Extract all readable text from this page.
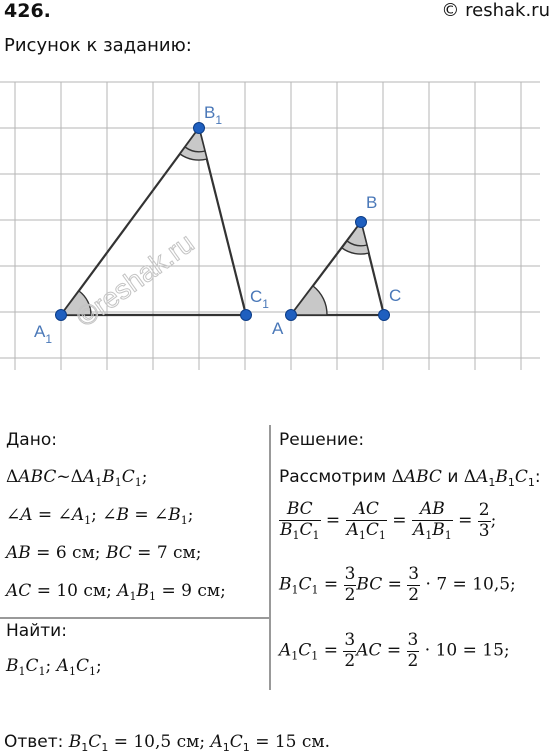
426.	© reshak.ru
Рисунок к заданию:
$A_1$
$B_1$
$C_1$
A
B
C
©reshak.ru
Дано:
$\Delta ABC\sim\Delta A_1B_1C_1$;
∠A = $\angle A_1$; ∠B = $\angle B_1$;
AB = 6 см; BC = 7 см;
AC = 10 см; $A_1B_1 = 9$ см;
Найти:
$B_1C_1$; $A_1C_1$;
Решение:
Рассмотрим ΔABC и $\Delta A_1B_1C_1$:
$\frac{BC}{B_1C_1} = \frac{AC}{A_1C_1} = \frac{AB}{A_1B_1} = \frac{2}{3}$ ;
$B_1C_1 = \frac{3}{2}$ BC = $\frac{3}{2} \cdot 7 = 10,5$;
$A_1C_1 = \frac{3}{2}$ AC = $\frac{3}{2} \cdot 10 = 15$;
Ответ: $B_1C_1 = 10,5$ см; $A_1C_1 = 15$ см.
